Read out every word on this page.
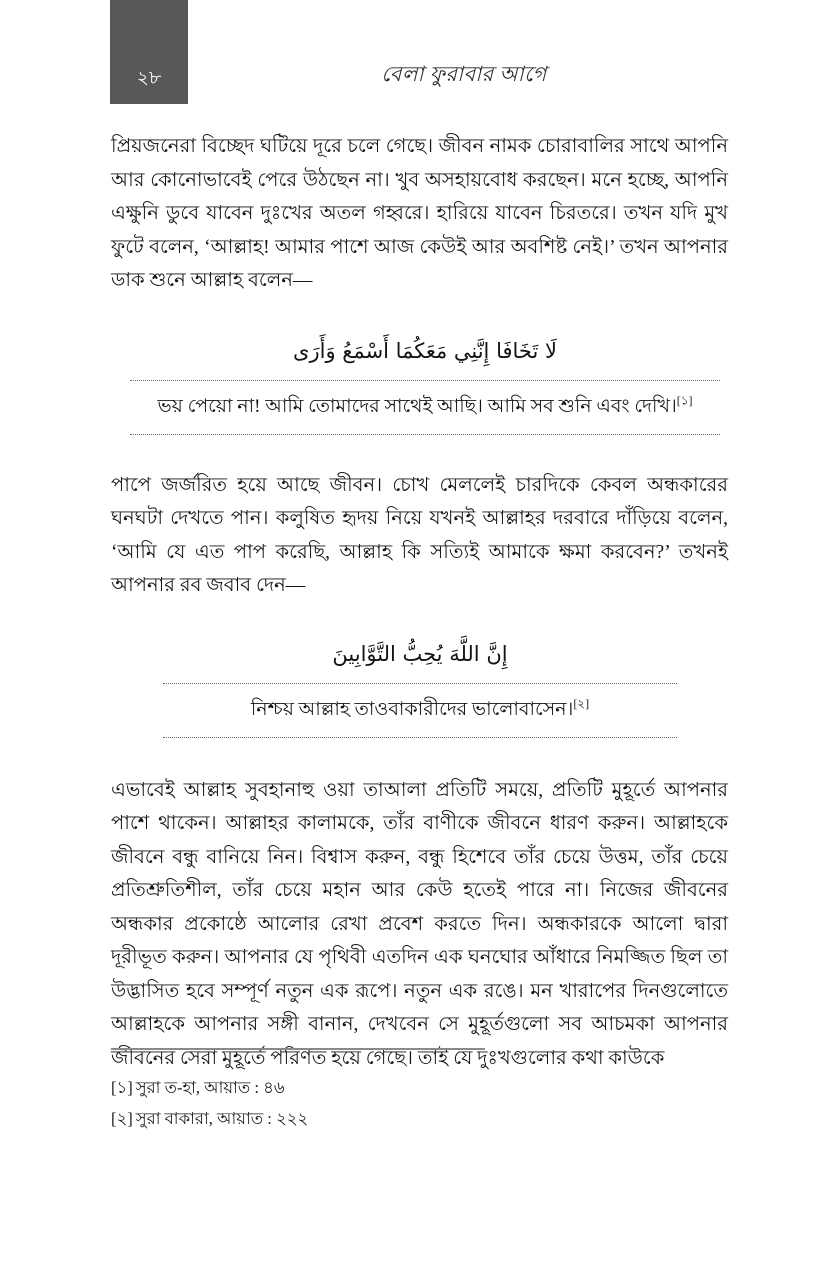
২৮	বেলা ফুরাবার আগে

প্রিয়জনেরা বিচ্ছেদ ঘটিয়ে দূরে চলে গেছে। জীবন নামক চোরাবালির সাথে আপনি আর কোনোভাবেই পেরে উঠছেন না। খুব অসহায়বোধ করছেন। মনে হচ্ছে, আপনি এক্ষুনি ডুবে যাবেন দুঃখের অতল গহ্বরে। হারিয়ে যাবেন চিরতরে। তখন যদি মুখ ফুটে বলেন, ‘আল্লাহ! আমার পাশে আজ কেউই আর অবশিষ্ট নেই।’ তখন আপনার ডাক শুনে আল্লাহ বলেন—

لَا تَخَافَا إِنَّنِي مَعَكُمَا أَسْمَعُ وَأَرَى
ভয় পেয়ো না! আমি তোমাদের সাথেই আছি। আমি সব শুনি এবং দেখি।[১]

পাপে জর্জরিত হয়ে আছে জীবন। চোখ মেললেই চারদিকে কেবল অন্ধকারের ঘনঘটা দেখতে পান। কলুষিত হৃদয় নিয়ে যখনই আল্লাহর দরবারে দাঁড়িয়ে বলেন, ‘আমি যে এত পাপ করেছি, আল্লাহ কি সত্যিই আমাকে ক্ষমা করবেন?’ তখনই আপনার রব জবাব দেন—

إِنَّ اللَّهَ يُحِبُّ التَّوَّابِينَ
নিশ্চয় আল্লাহ তাওবাকারীদের ভালোবাসেন।[২]

এভাবেই আল্লাহ সুবহানাহু ওয়া তাআলা প্রতিটি সময়ে, প্রতিটি মুহূর্তে আপনার পাশে থাকেন। আল্লাহর কালামকে, তাঁর বাণীকে জীবনে ধারণ করুন। আল্লাহকে জীবনে বন্ধু বানিয়ে নিন। বিশ্বাস করুন, বন্ধু হিশেবে তাঁর চেয়ে উত্তম, তাঁর চেয়ে প্রতিশ্রুতিশীল, তাঁর চেয়ে মহান আর কেউ হতেই পারে না। নিজের জীবনের অন্ধকার প্রকোষ্ঠে আলোর রেখা প্রবেশ করতে দিন। অন্ধকারকে আলো দ্বারা দূরীভূত করুন। আপনার যে পৃথিবী এতদিন এক ঘনঘোর আঁধারে নিমজ্জিত ছিল তা উদ্ভাসিত হবে সম্পূর্ণ নতুন এক রূপে। নতুন এক রঙে। মন খারাপের দিনগুলোতে আল্লাহকে আপনার সঙ্গী বানান, দেখবেন সে মুহূর্তগুলো সব আচমকা আপনার জীবনের সেরা মুহূর্তে পরিণত হয়ে গেছে। তাই যে দুঃখগুলোর কথা কাউকে

[১] সুরা ত-হা, আয়াত : ৪৬
[২] সুরা বাকারা, আয়াত : ২২২
